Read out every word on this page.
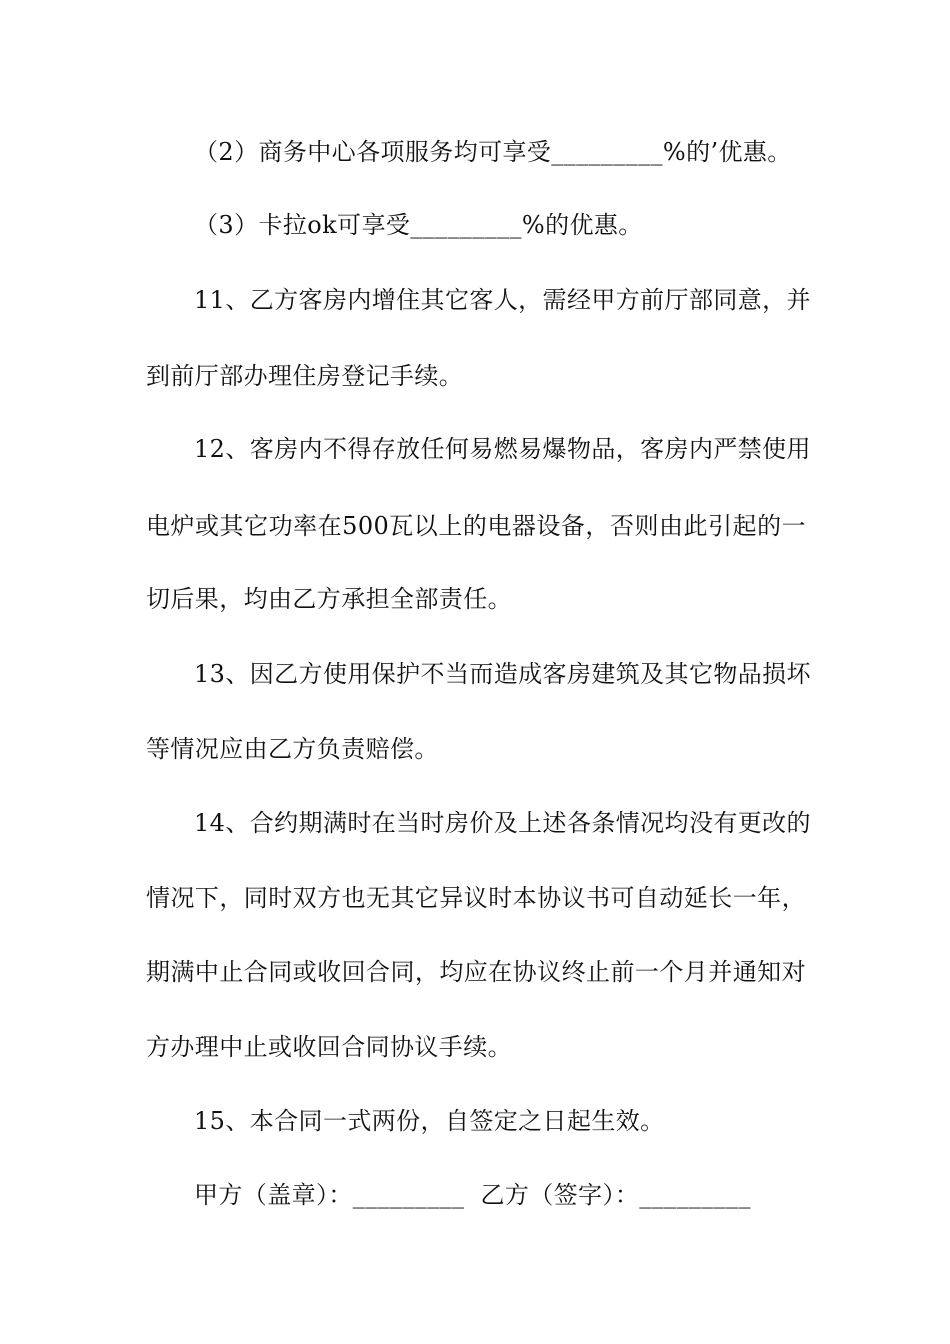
（2）商务中心各项服务均可享受_________%的’优惠。
（3）卡拉ok可享受_________%的优惠。
11、乙方客房内增住其它客人，需经甲方前厅部同意，并
到前厅部办理住房登记手续。
12、客房内不得存放任何易燃易爆物品，客房内严禁使用
电炉或其它功率在500瓦以上的电器设备，否则由此引起的一
切后果，均由乙方承担全部责任。
13、因乙方使用保护不当而造成客房建筑及其它物品损坏
等情况应由乙方负责赔偿。
14、合约期满时在当时房价及上述各条情况均没有更改的
情况下，同时双方也无其它异议时本协议书可自动延长一年，
期满中止合同或收回合同，均应在协议终止前一个月并通知对
方办理中止或收回合同协议手续。
15、本合同一式两份，自签定之日起生效。
甲方（盖章）：_________  乙方（签字）：_________
